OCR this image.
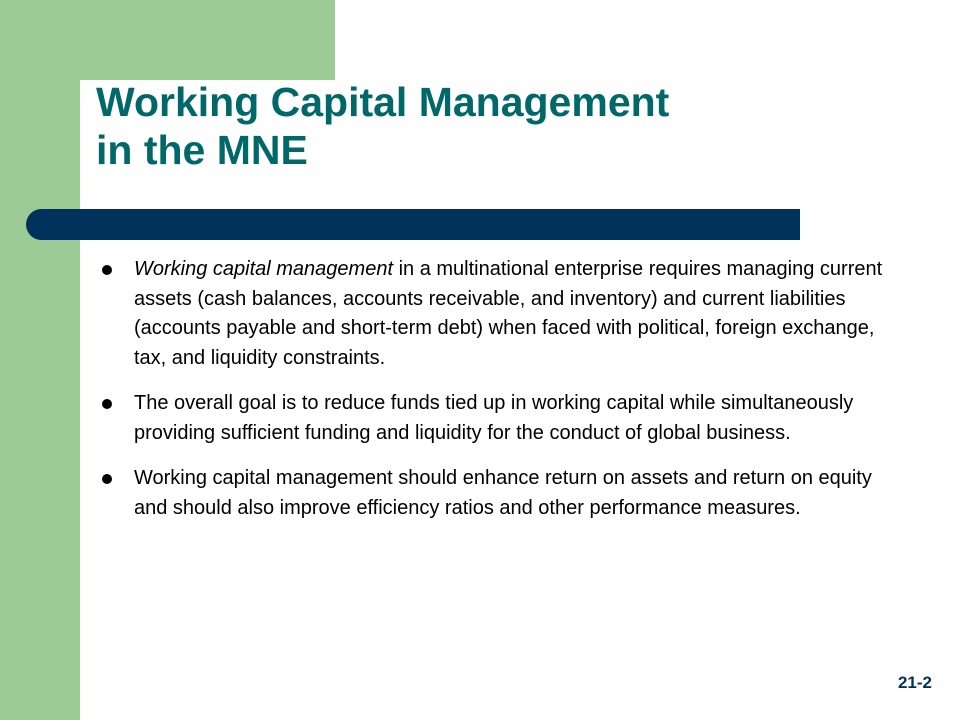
Working Capital Management
in the MNE
Working capital management in a multinational enterprise requires managing current assets (cash balances, accounts receivable, and inventory) and current liabilities (accounts payable and short-term debt) when faced with political, foreign exchange, tax, and liquidity constraints.
The overall goal is to reduce funds tied up in working capital while simultaneously providing sufficient funding and liquidity for the conduct of global business.
Working capital management should enhance return on assets and return on equity and should also improve efficiency ratios and other performance measures.
21-2
